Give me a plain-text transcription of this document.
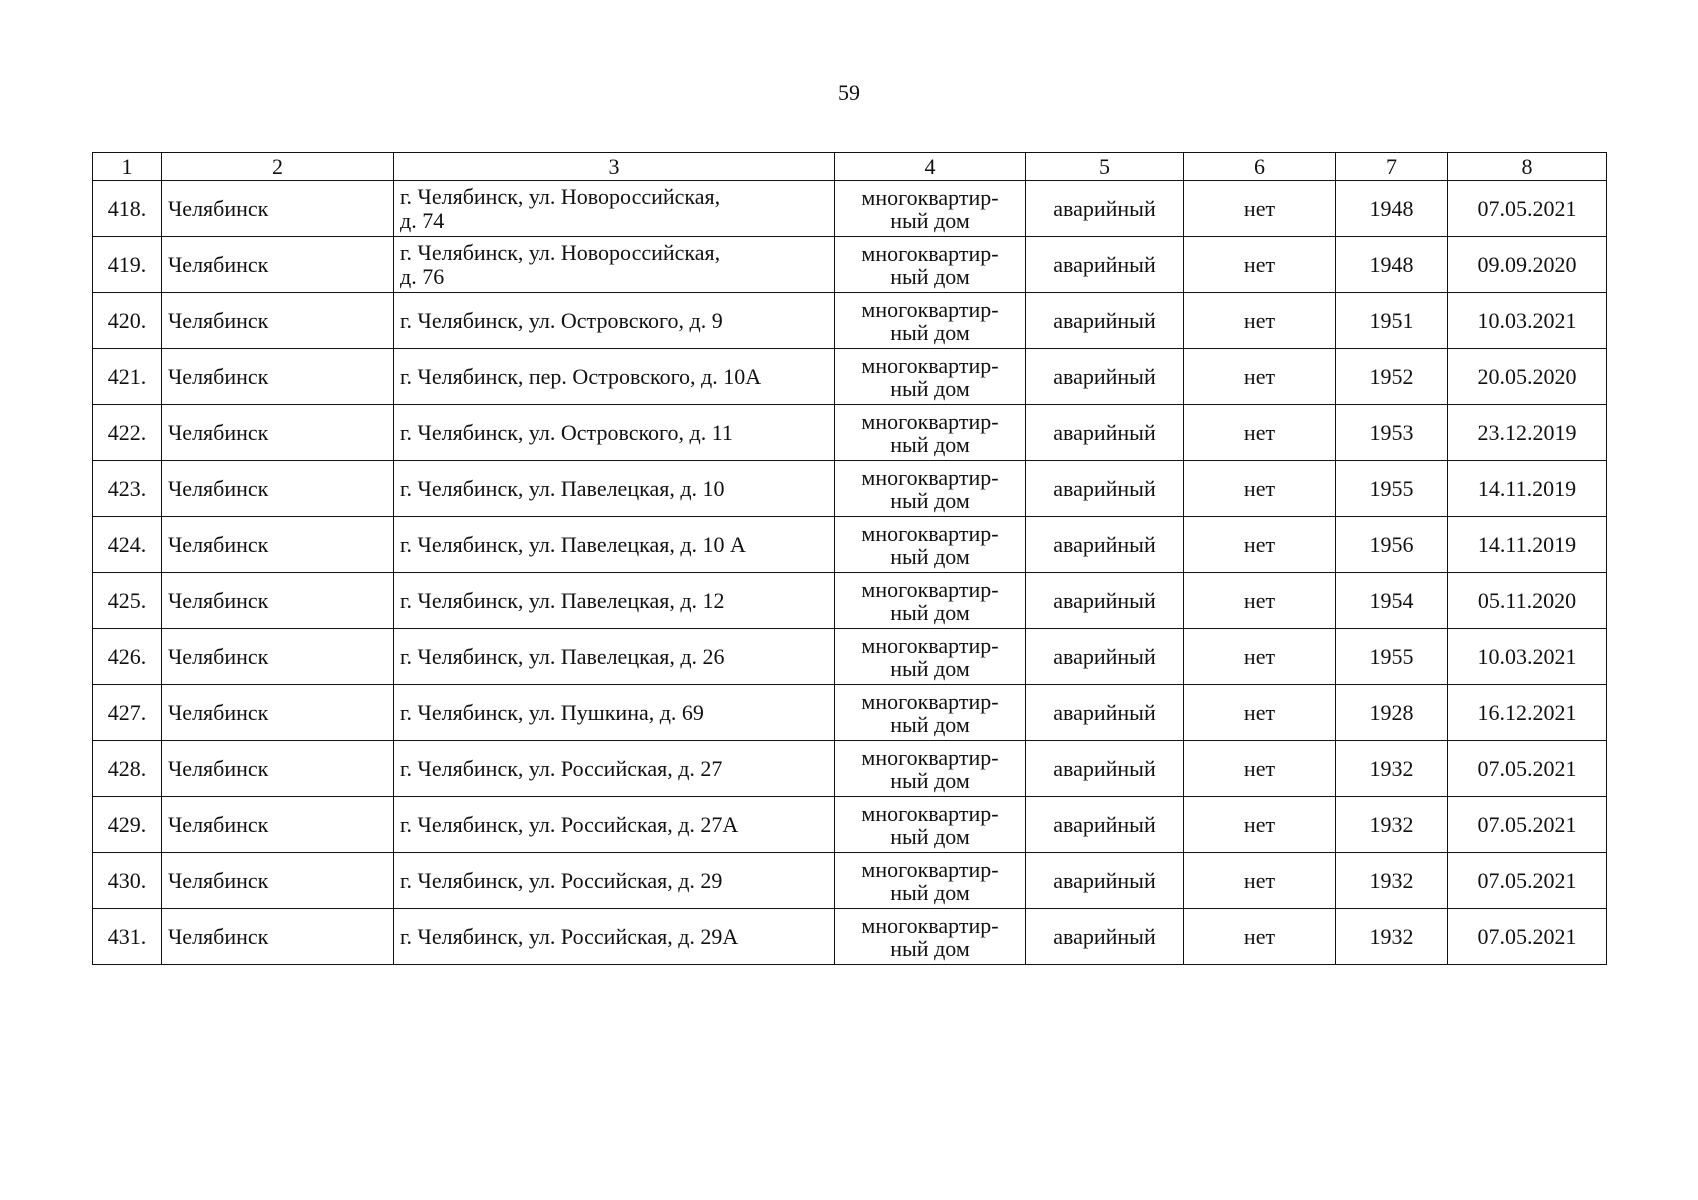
59
1	2	3	4	5	6	7	8
418.	Челябинск	г. Челябинск, ул. Новороссийская,
д. 74	многоквартир-
ный дом	аварийный	нет	1948	07.05.2021
419.	Челябинск	г. Челябинск, ул. Новороссийская,
д. 76	многоквартир-
ный дом	аварийный	нет	1948	09.09.2020
420.	Челябинск	г. Челябинск, ул. Островского, д. 9	многоквартир-
ный дом	аварийный	нет	1951	10.03.2021
421.	Челябинск	г. Челябинск, пер. Островского, д. 10А	многоквартир-
ный дом	аварийный	нет	1952	20.05.2020
422.	Челябинск	г. Челябинск, ул. Островского, д. 11	многоквартир-
ный дом	аварийный	нет	1953	23.12.2019
423.	Челябинск	г. Челябинск, ул. Павелецкая, д. 10	многоквартир-
ный дом	аварийный	нет	1955	14.11.2019
424.	Челябинск	г. Челябинск, ул. Павелецкая, д. 10 А	многоквартир-
ный дом	аварийный	нет	1956	14.11.2019
425.	Челябинск	г. Челябинск, ул. Павелецкая, д. 12	многоквартир-
ный дом	аварийный	нет	1954	05.11.2020
426.	Челябинск	г. Челябинск, ул. Павелецкая, д. 26	многоквартир-
ный дом	аварийный	нет	1955	10.03.2021
427.	Челябинск	г. Челябинск, ул. Пушкина, д. 69	многоквартир-
ный дом	аварийный	нет	1928	16.12.2021
428.	Челябинск	г. Челябинск, ул. Российская, д. 27	многоквартир-
ный дом	аварийный	нет	1932	07.05.2021
429.	Челябинск	г. Челябинск, ул. Российская, д. 27А	многоквартир-
ный дом	аварийный	нет	1932	07.05.2021
430.	Челябинск	г. Челябинск, ул. Российская, д. 29	многоквартир-
ный дом	аварийный	нет	1932	07.05.2021
431.	Челябинск	г. Челябинск, ул. Российская, д. 29А	многоквартир-
ный дом	аварийный	нет	1932	07.05.2021
